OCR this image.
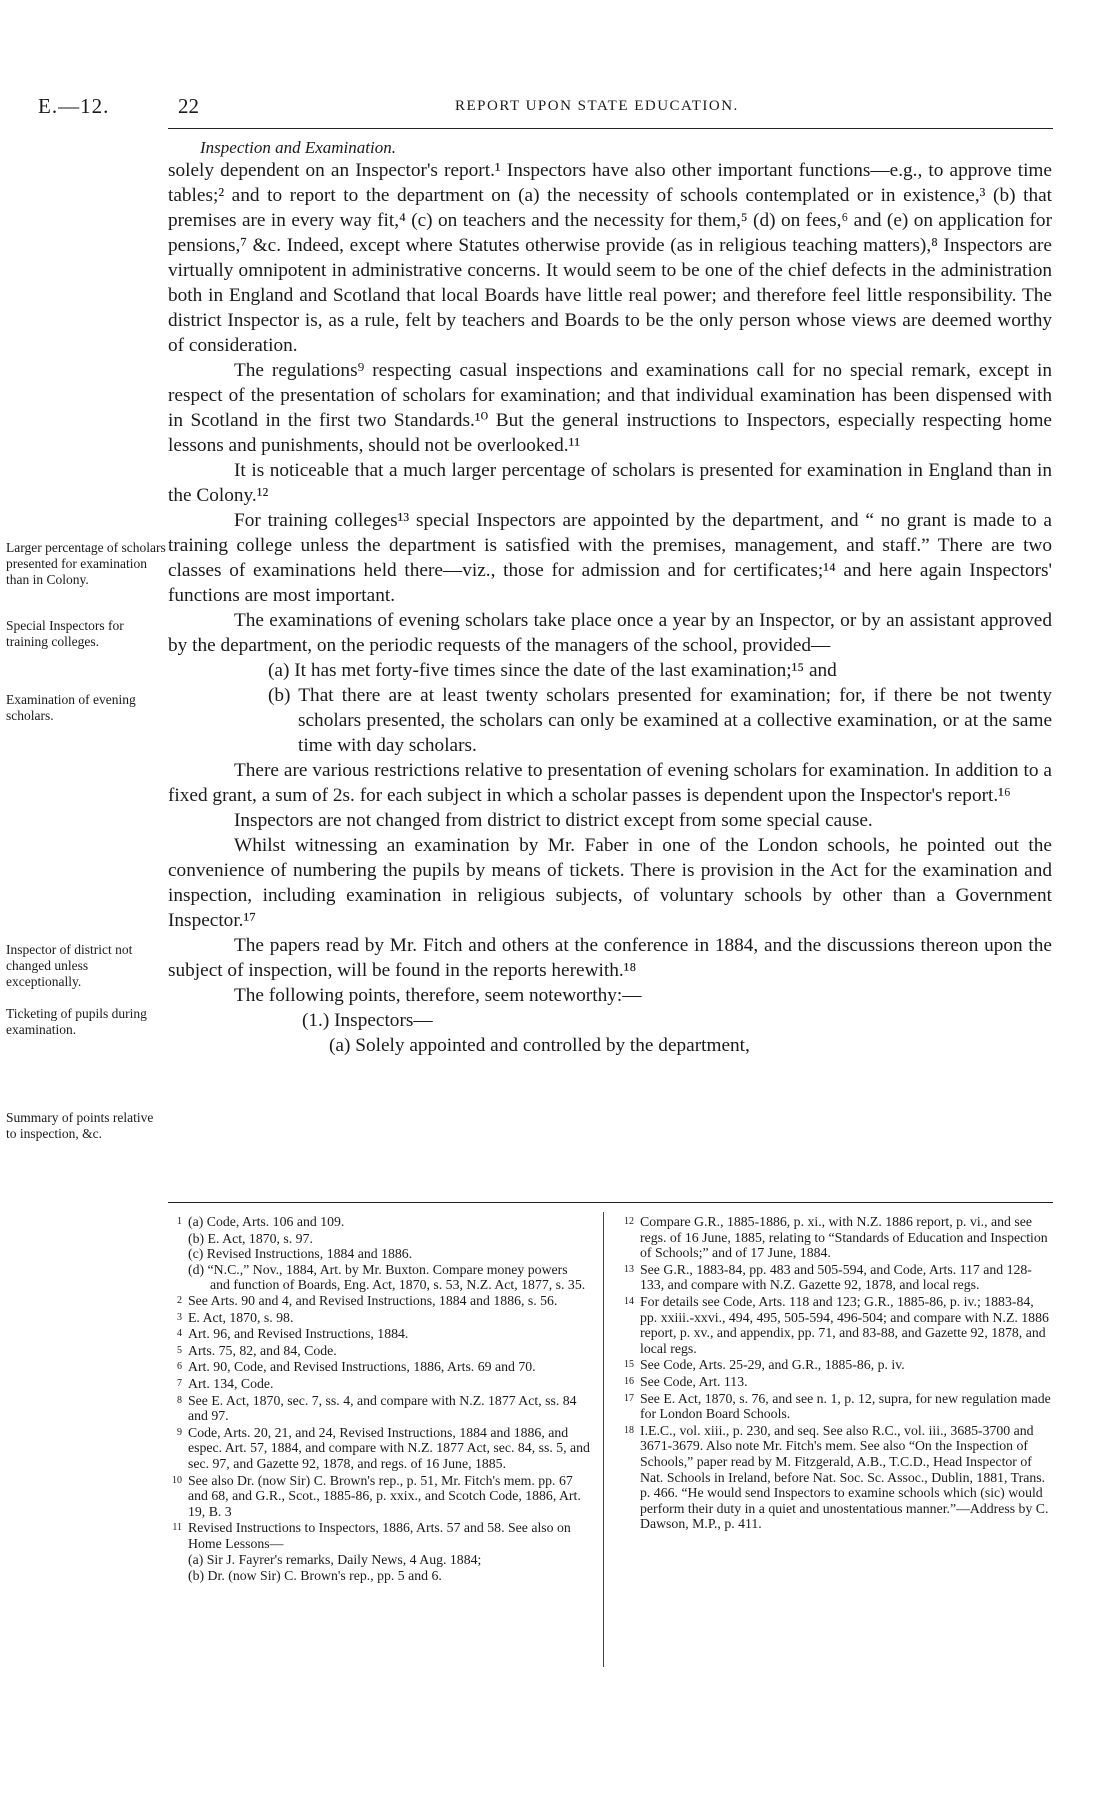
E.—12.	22	REPORT UPON STATE EDUCATION.
Inspection and Examination.

solely dependent on an Inspector's report.¹ Inspectors have also other important functions—e.g., to approve time tables;² and to report to the department on (a) the necessity of schools contemplated or in existence,³ (b) that premises are in every way fit,⁴ (c) on teachers and the necessity for them,⁵ (d) on fees,⁶ and (e) on application for pensions,⁷ &c. Indeed, except where Statutes otherwise provide (as in religious teaching matters),⁸ Inspectors are virtually omnipotent in administrative concerns. It would seem to be one of the chief defects in the administration both in England and Scotland that local Boards have little real power; and therefore feel little responsibility. The district Inspector is, as a rule, felt by teachers and Boards to be the only person whose views are deemed worthy of consideration.

The regulations⁹ respecting casual inspections and examinations call for no special remark, except in respect of the presentation of scholars for examination; and that individual examination has been dispensed with in Scotland in the first two Standards.¹⁰ But the general instructions to Inspectors, especially respecting home lessons and punishments, should not be overlooked.¹¹

It is noticeable that a much larger percentage of scholars is presented for examination in England than in the Colony.¹²

For training colleges¹³ special Inspectors are appointed by the department, and “ no grant is made to a training college unless the department is satisfied with the premises, management, and staff.” There are two classes of examinations held there—viz., those for admission and for certificates;¹⁴ and here again Inspectors' functions are most important.

The examinations of evening scholars take place once a year by an Inspector, or by an assistant approved by the department, on the periodic requests of the managers of the school, provided—

(a) It has met forty-five times since the date of the last examination;¹⁵ and

(b) That there are at least twenty scholars presented for examination; for, if there be not twenty scholars presented, the scholars can only be examined at a collective examination, or at the same time with day scholars.

There are various restrictions relative to presentation of evening scholars for examination. In addition to a fixed grant, a sum of 2s. for each subject in which a scholar passes is dependent upon the Inspector's report.¹⁶

Inspectors are not changed from district to district except from some special cause.

Whilst witnessing an examination by Mr. Faber in one of the London schools, he pointed out the convenience of numbering the pupils by means of tickets. There is provision in the Act for the examination and inspection, including examination in religious subjects, of voluntary schools by other than a Government Inspector.¹⁷

The papers read by Mr. Fitch and others at the conference in 1884, and the discussions thereon upon the subject of inspection, will be found in the reports herewith.¹⁸

The following points, therefore, seem noteworthy:—

(1.) Inspectors—

(a) Solely appointed and controlled by the department,

Larger percentage of scholars presented for examination than in Colony.
Special Inspectors for training colleges.
Examination of evening scholars.
Inspector of district not changed unless exceptionally.
Ticketing of pupils during examination.
Summary of points relative to inspection, &c.

1 (a) Code, Arts. 106 and 109.

(b) E. Act, 1870, s. 97.

(c) Revised Instructions, 1884 and 1886.

(d) “N.C.,” Nov., 1884, Art. by Mr. Buxton. Compare money powers and function of Boards, Eng. Act, 1870, s. 53, N.Z. Act, 1877, s. 35.

2 See Arts. 90 and 4, and Revised Instructions, 1884 and 1886, s. 56.

3 E. Act, 1870, s. 98.

4 Art. 96, and Revised Instructions, 1884.

5 Arts. 75, 82, and 84, Code.

6 Art. 90, Code, and Revised Instructions, 1886, Arts. 69 and 70.

7 Art. 134, Code.

8 See E. Act, 1870, sec. 7, ss. 4, and compare with N.Z. 1877 Act, ss. 84 and 97.

9 Code, Arts. 20, 21, and 24, Revised Instructions, 1884 and 1886, and espec. Art. 57, 1884, and compare with N.Z. 1877 Act, sec. 84, ss. 5, and sec. 97, and Gazette 92, 1878, and regs. of 16 June, 1885.

10 See also Dr. (now Sir) C. Brown's rep., p. 51, Mr. Fitch's mem. pp. 67 and 68, and G.R., Scot., 1885-86, p. xxix., and Scotch Code, 1886, Art. 19, B. 3

11 Revised Instructions to Inspectors, 1886, Arts. 57 and 58. See also on Home Lessons—

(a) Sir J. Fayrer's remarks, Daily News, 4 Aug. 1884;

(b) Dr. (now Sir) C. Brown's rep., pp. 5 and 6.

12 Compare G.R., 1885-1886, p. xi., with N.Z. 1886 report, p. vi., and see regs. of 16 June, 1885, relating to “Standards of Education and Inspection of Schools;” and of 17 June, 1884.

13 See G.R., 1883-84, pp. 483 and 505-594, and Code, Arts. 117 and 128-133, and compare with N.Z. Gazette 92, 1878, and local regs.

14 For details see Code, Arts. 118 and 123; G.R., 1885-86, p. iv.; 1883-84, pp. xxiii.-xxvi., 494, 495, 505-594, 496-504; and compare with N.Z. 1886 report, p. xv., and appendix, pp. 71, and 83-88, and Gazette 92, 1878, and local regs.

15 See Code, Arts. 25-29, and G.R., 1885-86, p. iv.

16 See Code, Art. 113.

17 See E. Act, 1870, s. 76, and see n. 1, p. 12, supra, for new regulation made for London Board Schools.

18 I.E.C., vol. xiii., p. 230, and seq. See also R.C., vol. iii., 3685-3700 and 3671-3679. Also note Mr. Fitch's mem. See also “On the Inspection of Schools,” paper read by M. Fitzgerald, A.B., T.C.D., Head Inspector of Nat. Schools in Ireland, before Nat. Soc. Sc. Assoc., Dublin, 1881, Trans. p. 466. “He would send Inspectors to examine schools which (sic) would perform their duty in a quiet and unostentatious manner.”—Address by C. Dawson, M.P., p. 411.
